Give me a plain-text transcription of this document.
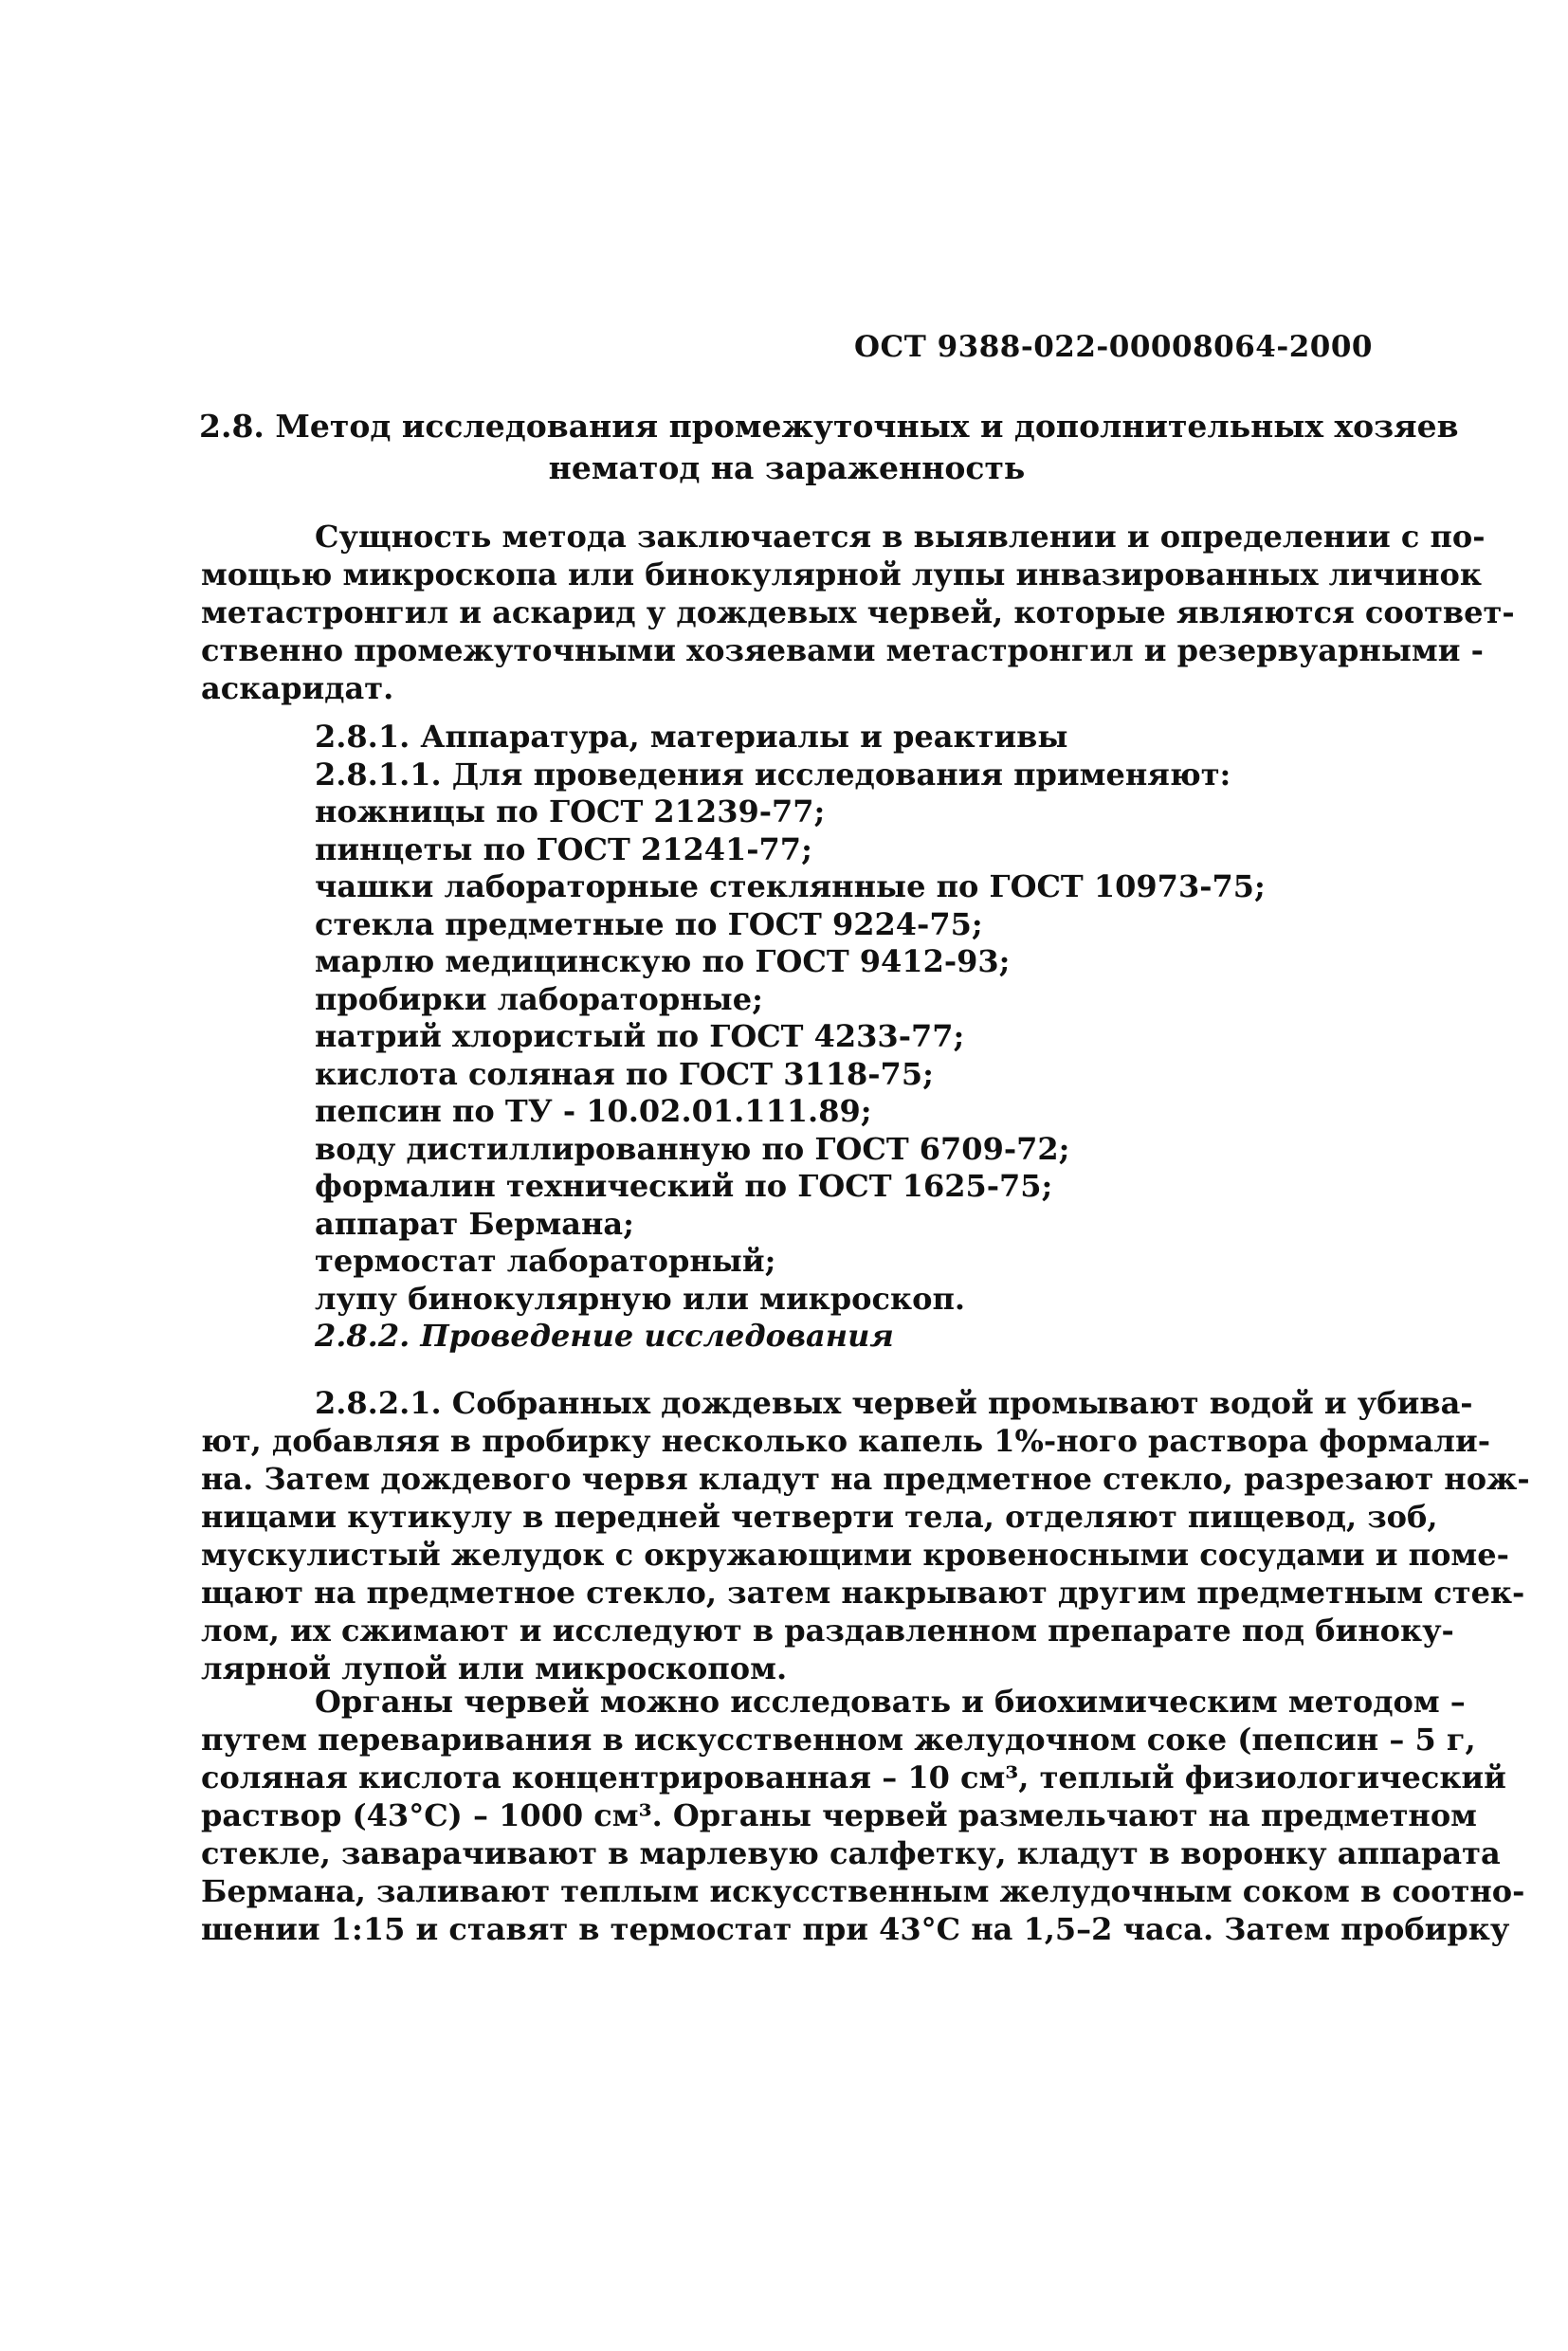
ОСТ 9388-022-00008064-2000
2.8. Метод исследования промежуточных и дополнительных хозяев
нематод на зараженность
Сущность метода заключается в выявлении и определении с по-
мощью микроскопа или бинокулярной лупы инвазированных личинок
метастронгил и аскарид у дождевых червей, которые являются соответ-
ственно промежуточными хозяевами метастронгил и резервуарными -
аскаридат.
2.8.1. Аппаратура, материалы и реактивы
2.8.1.1. Для проведения исследования применяют:
ножницы по ГОСТ 21239-77;
пинцеты по ГОСТ 21241-77;
чашки лабораторные стеклянные по ГОСТ 10973-75;
стекла предметные по ГОСТ 9224-75;
марлю медицинскую по ГОСТ 9412-93;
пробирки лабораторные;
натрий хлористый по ГОСТ 4233-77;
кислота соляная по ГОСТ 3118-75;
пепсин по ТУ - 10.02.01.111.89;
воду дистиллированную по ГОСТ 6709-72;
формалин технический по ГОСТ 1625-75;
аппарат Бермана;
термостат лабораторный;
лупу бинокулярную или микроскоп.
2.8.2. Проведение исследования
2.8.2.1. Собранных дождевых червей промывают водой и убива-
ют, добавляя в пробирку несколько капель 1%-ного раствора формали-
на. Затем дождевого червя кладут на предметное стекло, разрезают нож-
ницами кутикулу в передней четверти тела, отделяют пищевод, зоб,
мускулистый желудок с окружающими кровеносными сосудами и поме-
щают на предметное стекло, затем накрывают другим предметным стек-
лом, их сжимают и исследуют в раздавленном препарате под биноку-
лярной лупой или микроскопом.
Органы червей можно исследовать и биохимическим методом –
путем переваривания в искусственном желудочном соке (пепсин – 5 г,
соляная кислота концентрированная – 10 см³, теплый физиологический
раствор (43°С) – 1000 см³. Органы червей размельчают на предметном
стекле, заварачивают в марлевую салфетку, кладут в воронку аппарата
Бермана, заливают теплым искусственным желудочным соком в соотно-
шении 1:15 и ставят в термостат при 43°С на 1,5–2 часа. Затем пробирку
